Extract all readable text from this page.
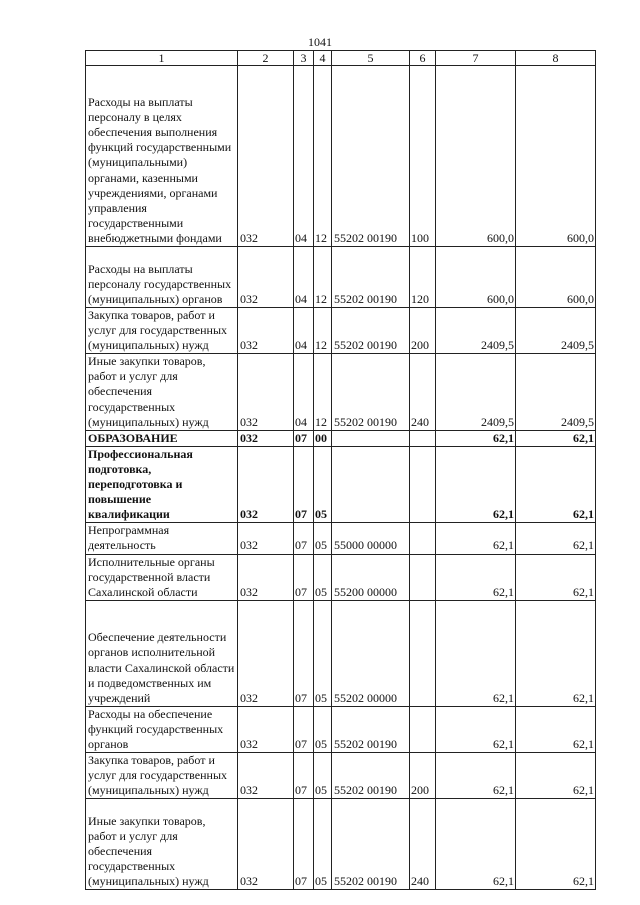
1041
1	2	3	4	5	6	7	8
Расходы на выплаты персоналу в целях обеспечения выполнения функций государственными (муниципальными) органами, казенными учреждениями, органами управления государственными внебюджетными фондами	032	04	12	55202 00190	100	600,0	600,0
Расходы на выплаты персоналу государственных (муниципальных) органов	032	04	12	55202 00190	120	600,0	600,0
Закупка товаров, работ и услуг для государственных (муниципальных) нужд	032	04	12	55202 00190	200	2409,5	2409,5
Иные закупки товаров, работ и услуг для обеспечения государственных (муниципальных) нужд	032	04	12	55202 00190	240	2409,5	2409,5
ОБРАЗОВАНИЕ	032	07	00			62,1	62,1
Профессиональная подготовка, переподготовка и повышение квалификации	032	07	05			62,1	62,1
Непрограммная деятельность	032	07	05	55000 00000		62,1	62,1
Исполнительные органы государственной власти Сахалинской области	032	07	05	55200 00000		62,1	62,1
Обеспечение деятельности органов исполнительной власти Сахалинской области и подведомственных им учреждений	032	07	05	55202 00000		62,1	62,1
Расходы на обеспечение функций государственных органов	032	07	05	55202 00190		62,1	62,1
Закупка товаров, работ и услуг для государственных (муниципальных) нужд	032	07	05	55202 00190	200	62,1	62,1
Иные закупки товаров, работ и услуг для обеспечения государственных (муниципальных) нужд	032	07	05	55202 00190	240	62,1	62,1
